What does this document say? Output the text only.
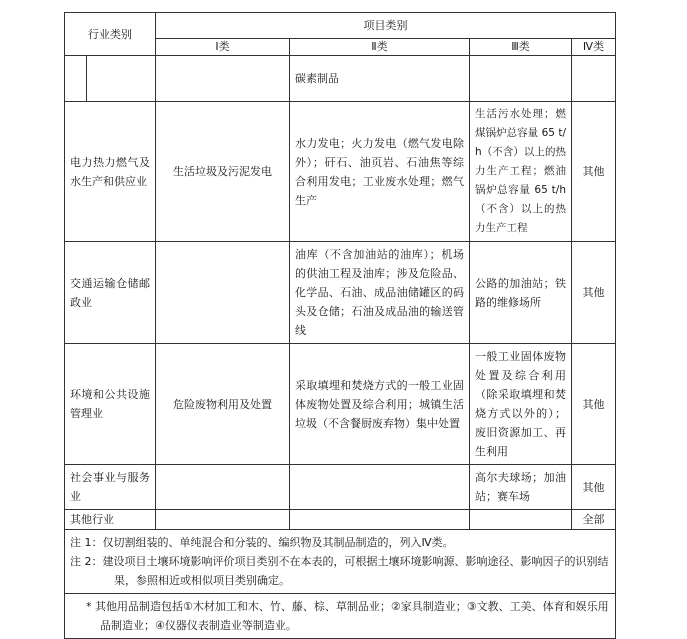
行业类别		项目类别			
		Ⅰ类	Ⅱ类	Ⅲ类	Ⅳ类
			碳素制品		
电力热力燃气及水生产和供应业		生活垃圾及污泥发电	水力发电；火力发电（燃气发电除外）；矸石、油页岩、石油焦等综合利用发电；工业废水处理；燃气生产	生活污水处理；燃煤锅炉总容量 65 t/h（不含）以上的热力生产工程；燃油锅炉总容量 65 t/h（不含）以上的热力生产工程	其他
交通运输仓储邮政业			油库（不含加油站的油库）；机场的供油工程及油库；涉及危险品、化学品、石油、成品油储罐区的码头及仓储；石油及成品油的输送管线	公路的加油站；铁路的维修场所	其他
环境和公共设施管理业		危险废物利用及处置	采取填埋和焚烧方式的一般工业固体废物处置及综合利用；城镇生活垃圾（不含餐厨废弃物）集中处置	一般工业固体废物处置及综合利用（除采取填埋和焚烧方式以外的）；废旧资源加工、再生利用	其他
社会事业与服务业				高尔夫球场；加油站；赛车场	其他
其他行业					全部

注 1：仅切割组装的、单纯混合和分装的、编织物及其制品制造的，列入Ⅳ类。
注 2：建设项目土壤环境影响评价项目类别不在本表的，可根据土壤环境影响源、影响途径、影响因子的识别结果，参照相近或相似项目类别确定。					

* 其他用品制造包括①木材加工和木、竹、藤、棕、草制品业；②家具制造业；③文教、工美、体育和娱乐用品制造业；④仪器仪表制造业等制造业。					
